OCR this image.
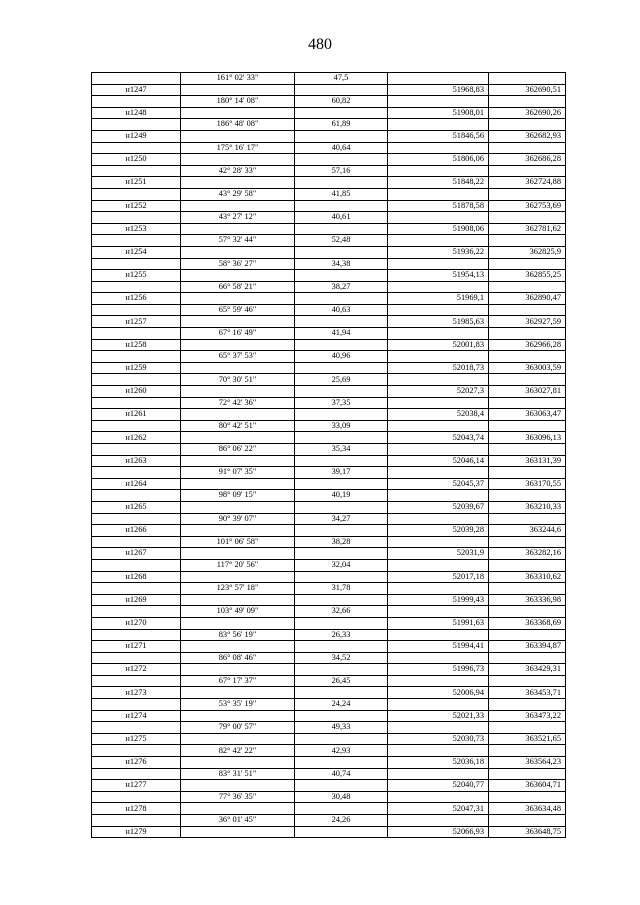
480
	161° 02' 33"	47,5		
н1247			51968,83	362690,51
	180° 14' 08"	60,82		
н1248			51908,01	362690,26
	186° 48' 08"	61,89		
н1249			51846,56	362682,93
	175° 16' 17"	40,64		
н1250			51806,06	362686,28
	42° 28' 33"	57,16		
н1251			51848,22	362724,88
	43° 29' 58"	41,85		
н1252			51878,58	362753,69
	43° 27' 12"	40,61		
н1253			51908,06	362781,62
	57° 32' 44"	52,48		
н1254			51936,22	362825,9
	58° 36' 27"	34,38		
н1255			51954,13	362855,25
	66° 58' 21"	38,27		
н1256			51969,1	362890,47
	65° 59' 46"	40,63		
н1257			51985,63	362927,59
	67° 16' 49"	41,94		
н1258			52001,83	362966,28
	65° 37' 53"	40,96		
н1259			52018,73	363003,59
	70° 30' 51"	25,69		
н1260			52027,3	363027,81
	72° 42' 36"	37,35		
н1261			52038,4	363063,47
	80° 42' 51"	33,09		
н1262			52043,74	363096,13
	86° 06' 22"	35,34		
н1263			52046,14	363131,39
	91° 07' 35"	39,17		
н1264			52045,37	363170,55
	98° 09' 15"	40,19		
н1265			52039,67	363210,33
	90° 39' 07"	34,27		
н1266			52039,28	363244,6
	101° 06' 58"	38,28		
н1267			52031,9	363282,16
	117° 20' 56"	32,04		
н1268			52017,18	363310,62
	123° 57' 18"	31,78		
н1269			51999,43	363336,98
	103° 49' 09"	32,66		
н1270			51991,63	363368,69
	83° 56' 19"	26,33		
н1271			51994,41	363394,87
	86° 08' 46"	34,52		
н1272			51996,73	363429,31
	67° 17' 37"	26,45		
н1273			52006,94	363453,71
	53° 35' 19"	24,24		
н1274			52021,33	363473,22
	79° 00' 57"	49,33		
н1275			52030,73	363521,65
	82° 42' 22"	42,93		
н1276			52036,18	363564,23
	83° 31' 51"	40,74		
н1277			52040,77	363604,71
	77° 36' 35"	30,48		
н1278			52047,31	363634,48
	36° 01' 45"	24,26		
н1279			52066,93	363648,75
